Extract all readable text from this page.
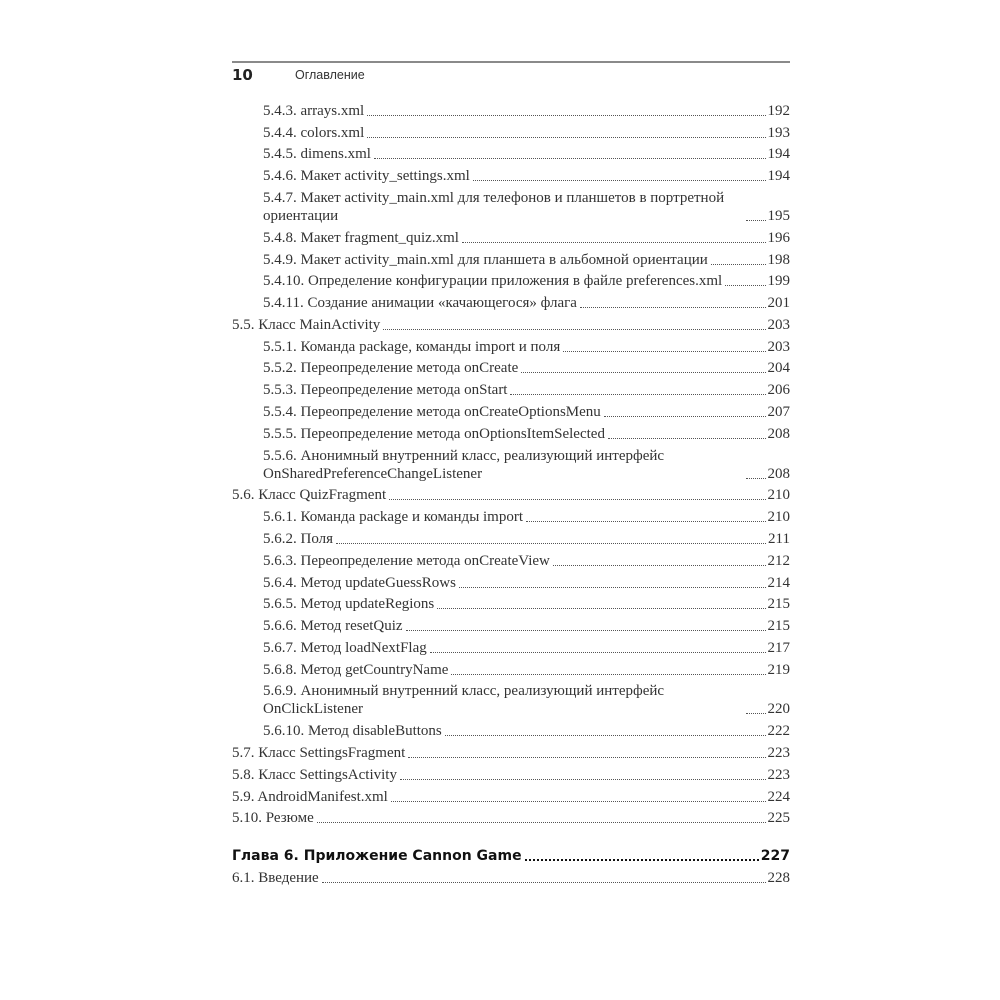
10	Оглавление
5.4.3. arrays.xml	192
5.4.4. colors.xml	193
5.4.5. dimens.xml	194
5.4.6. Макет activity_settings.xml	194
5.4.7. Макет activity_main.xml для телефонов и планшетов в портретной ориентации	195
5.4.8. Макет fragment_quiz.xml	196
5.4.9. Макет activity_main.xml для планшета в альбомной ориентации	198
5.4.10. Определение конфигурации приложения в файле preferences.xml	199
5.4.11. Создание анимации «качающегося» флага	201
5.5. Класс MainActivity	203
5.5.1. Команда package, команды import и поля	203
5.5.2. Переопределение метода onCreate	204
5.5.3. Переопределение метода onStart	206
5.5.4. Переопределение метода onCreateOptionsMenu	207
5.5.5. Переопределение метода onOptionsItemSelected	208
5.5.6. Анонимный внутренний класс, реализующий интерфейс OnSharedPreferenceChangeListener	208
5.6. Класс QuizFragment	210
5.6.1. Команда package и команды import	210
5.6.2. Поля	211
5.6.3. Переопределение метода onCreateView	212
5.6.4. Метод updateGuessRows	214
5.6.5. Метод updateRegions	215
5.6.6. Метод resetQuiz	215
5.6.7. Метод loadNextFlag	217
5.6.8. Метод getCountryName	219
5.6.9. Анонимный внутренний класс, реализующий интерфейс OnClickListener	220
5.6.10. Метод disableButtons	222
5.7. Класс SettingsFragment	223
5.8. Класс SettingsActivity	223
5.9. AndroidManifest.xml	224
5.10. Резюме	225
Глава 6. Приложение Cannon Game	227
6.1. Введение	228
